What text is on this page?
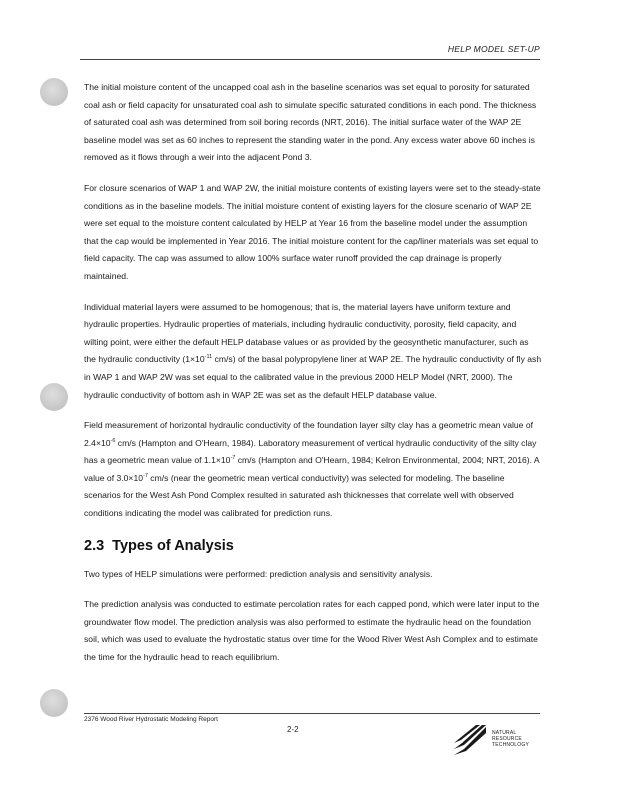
HELP MODEL SET-UP

The initial moisture content of the uncapped coal ash in the baseline scenarios was set equal to porosity for saturated coal ash or field capacity for unsaturated coal ash to simulate specific saturated conditions in each pond. The thickness of saturated coal ash was determined from soil boring records (NRT, 2016). The initial surface water of the WAP 2E baseline model was set as 60 inches to represent the standing water in the pond. Any excess water above 60 inches is removed as it flows through a weir into the adjacent Pond 3.

For closure scenarios of WAP 1 and WAP 2W, the initial moisture contents of existing layers were set to the steady-state conditions as in the baseline models. The initial moisture content of existing layers for the closure scenario of WAP 2E were set equal to the moisture content calculated by HELP at Year 16 from the baseline model under the assumption that the cap would be implemented in Year 2016. The initial moisture content for the cap/liner materials was set equal to field capacity. The cap was assumed to allow 100% surface water runoff provided the cap drainage is properly maintained.

Individual material layers were assumed to be homogenous; that is, the material layers have uniform texture and hydraulic properties. Hydraulic properties of materials, including hydraulic conductivity, porosity, field capacity, and wilting point, were either the default HELP database values or as provided by the geosynthetic manufacturer, such as the hydraulic conductivity ($1\times 10^{-11}$ cm/s) of the basal polypropylene liner at WAP 2E. The hydraulic conductivity of fly ash in WAP 1 and WAP 2W was set equal to the calibrated value in the previous 2000 HELP Model (NRT, 2000). The hydraulic conductivity of bottom ash in WAP 2E was set as the default HELP database value.

Field measurement of horizontal hydraulic conductivity of the foundation layer silty clay has a geometric mean value of $2.4\times 10^{-6}$ cm/s (Hampton and O'Hearn, 1984). Laboratory measurement of vertical hydraulic conductivity of the silty clay has a geometric mean value of $1.1\times 10^{-7}$ cm/s (Hampton and O'Hearn, 1984; Kelron Environmental, 2004; NRT, 2016). A value of $3.0\times 10^{-7}$ cm/s (near the geometric mean vertical conductivity) was selected for modeling. The baseline scenarios for the West Ash Pond Complex resulted in saturated ash thicknesses that correlate well with observed conditions indicating the model was calibrated for prediction runs.

2.3 Types of Analysis

Two types of HELP simulations were performed: prediction analysis and sensitivity analysis.

The prediction analysis was conducted to estimate percolation rates for each capped pond, which were later input to the groundwater flow model. The prediction analysis was also performed to estimate the hydraulic head on the foundation soil, which was used to evaluate the hydrostatic status over time for the Wood River West Ash Complex and to estimate the time for the hydraulic head to reach equilibrium.

2376 Wood River Hydrostatic Modeling Report
2-2	NATURAL
RESOURCE
TECHNOLOGY
